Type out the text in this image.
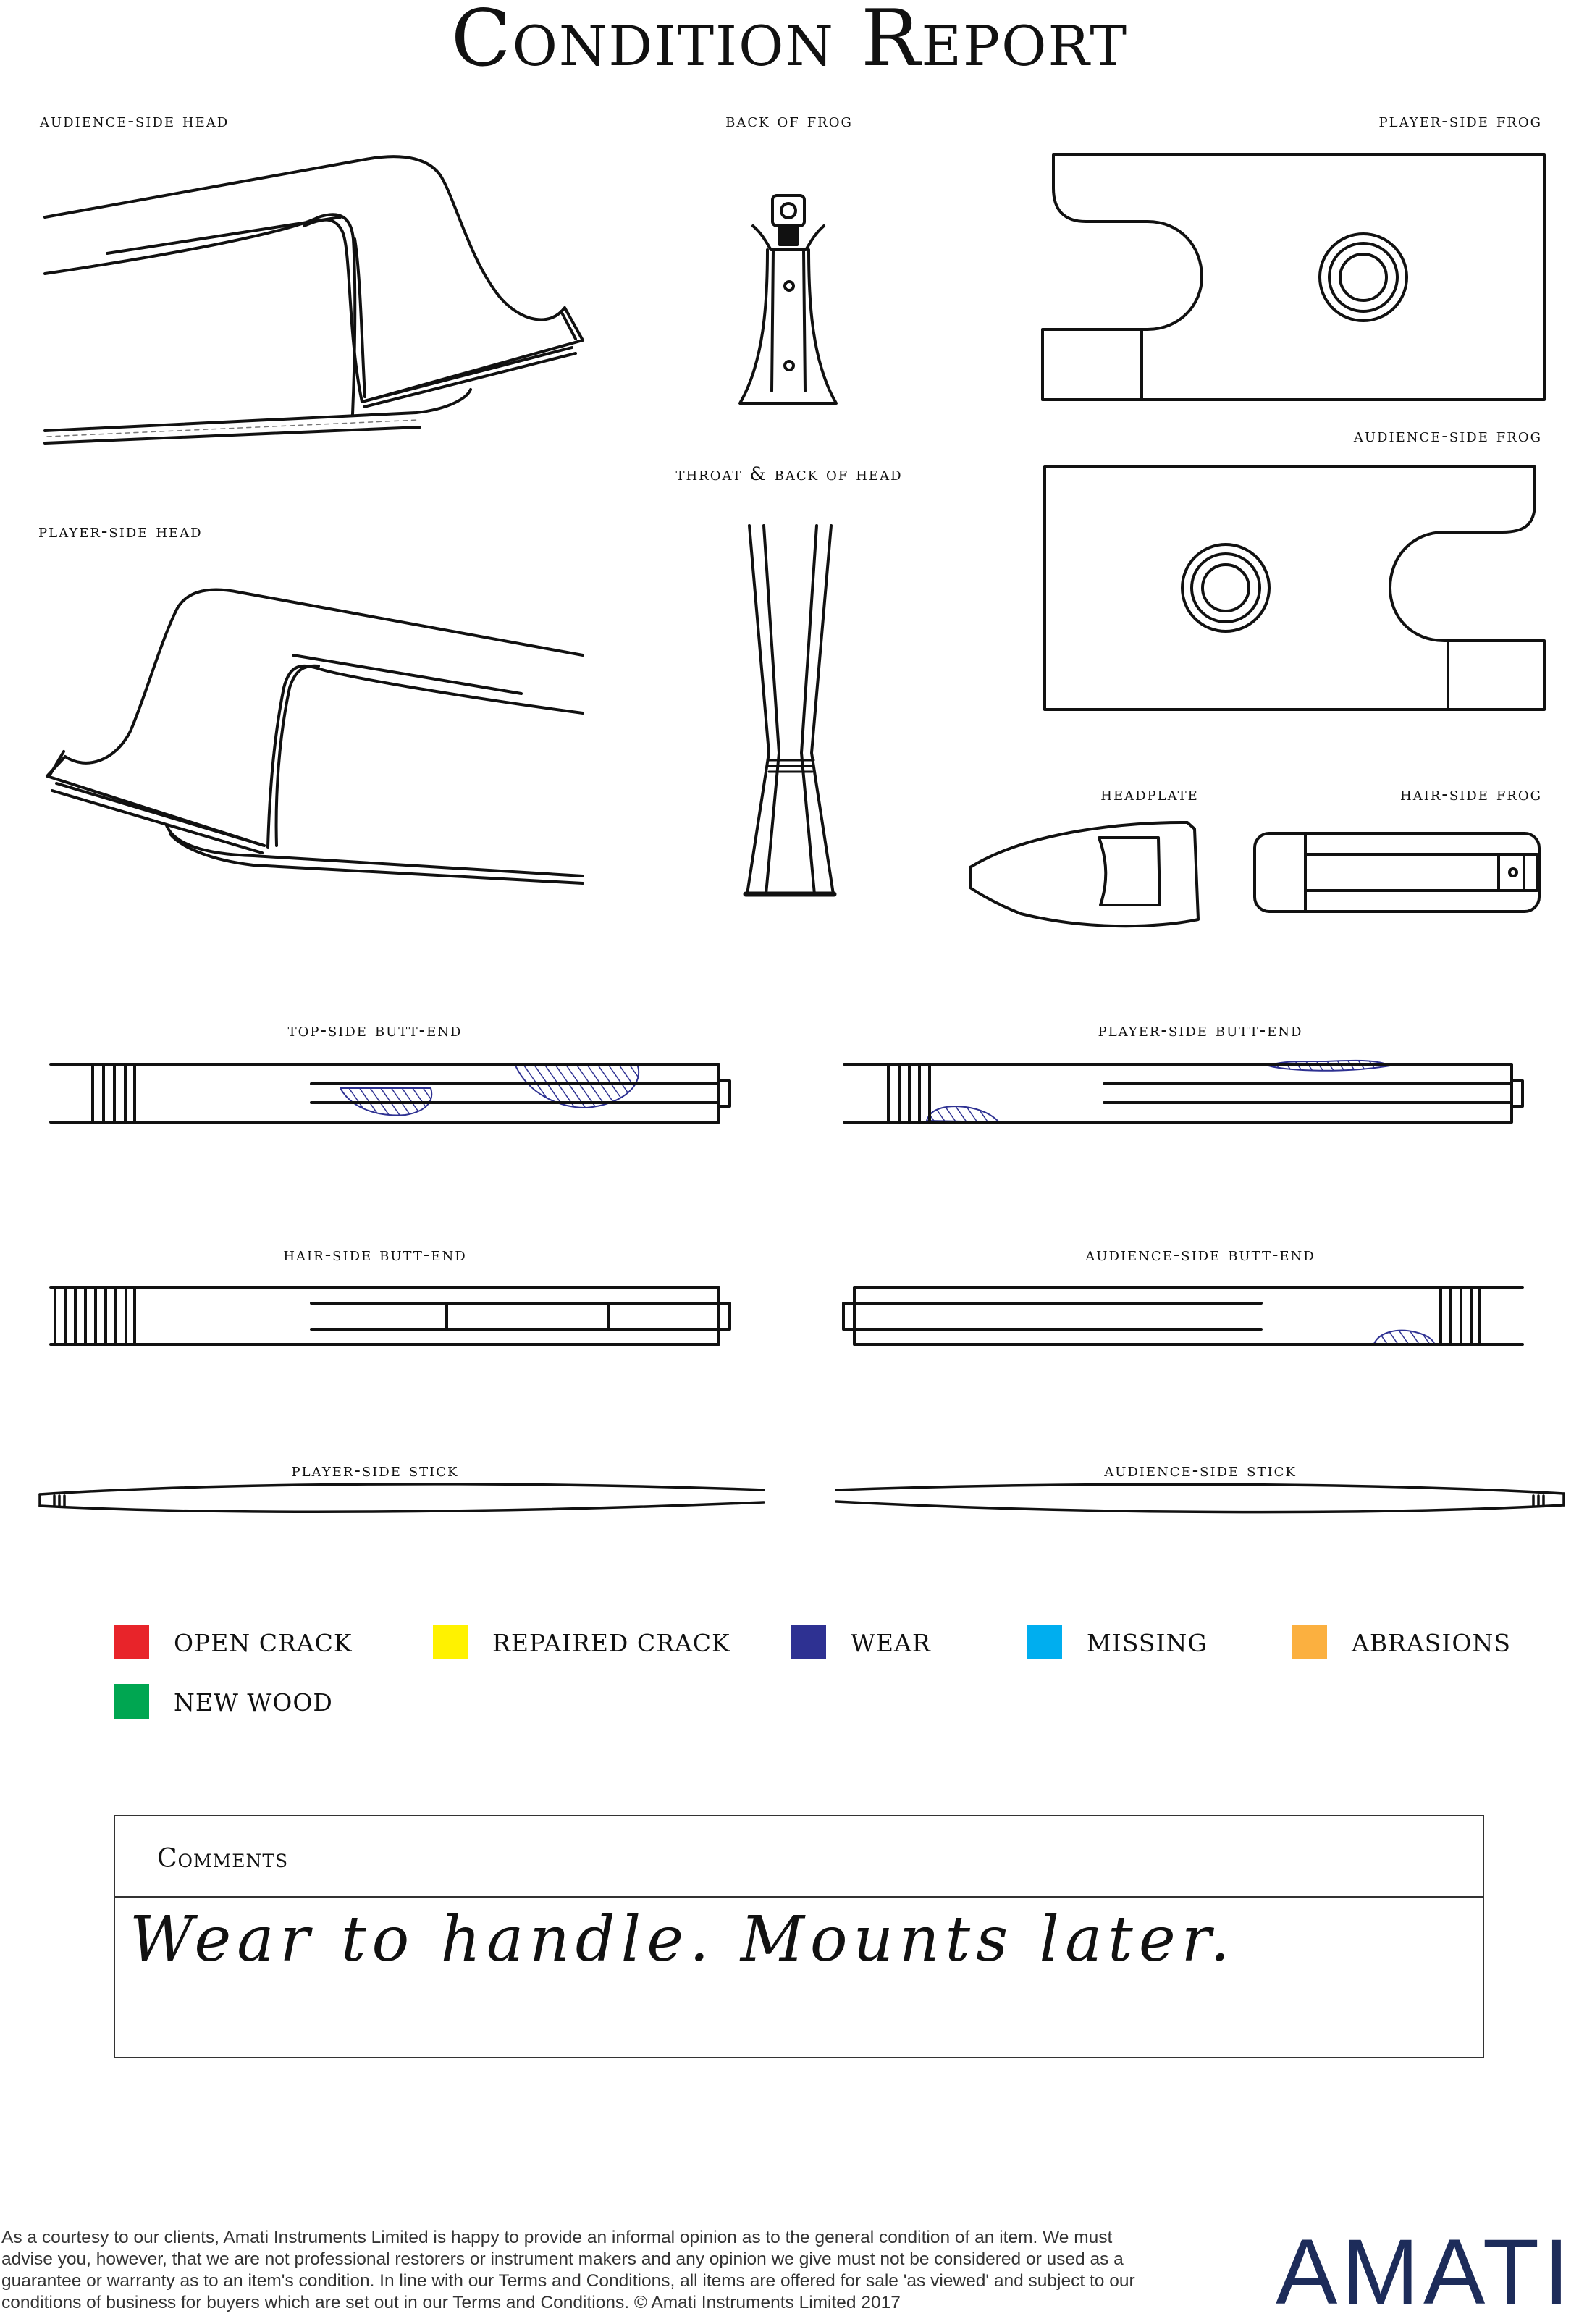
Condition Report
audience-side head	back of frog	player-side frog
audience-side frog
throat & back of head
player-side head
headplate	hair-side frog
top-side butt-end	player-side butt-end
hair-side butt-end	audience-side butt-end
player-side stick	audience-side stick
OPEN CRACK	REPAIRED CRACK	WEAR	MISSING	ABRASIONS
NEW WOOD
Comments
Wear to handle. Mounts later.
As a courtesy to our clients, Amati Instruments Limited is happy to provide an informal opinion as to the general condition of an item. We must advise you, however, that we are not professional restorers or instrument makers and any opinion we give must not be considered or used as a guarantee or warranty as to an item's condition. In line with our Terms and Conditions, all items are offered for sale 'as viewed' and subject to our conditions of business for buyers which are set out in our Terms and Conditions. © Amati Instruments Limited 2017	AMATI
